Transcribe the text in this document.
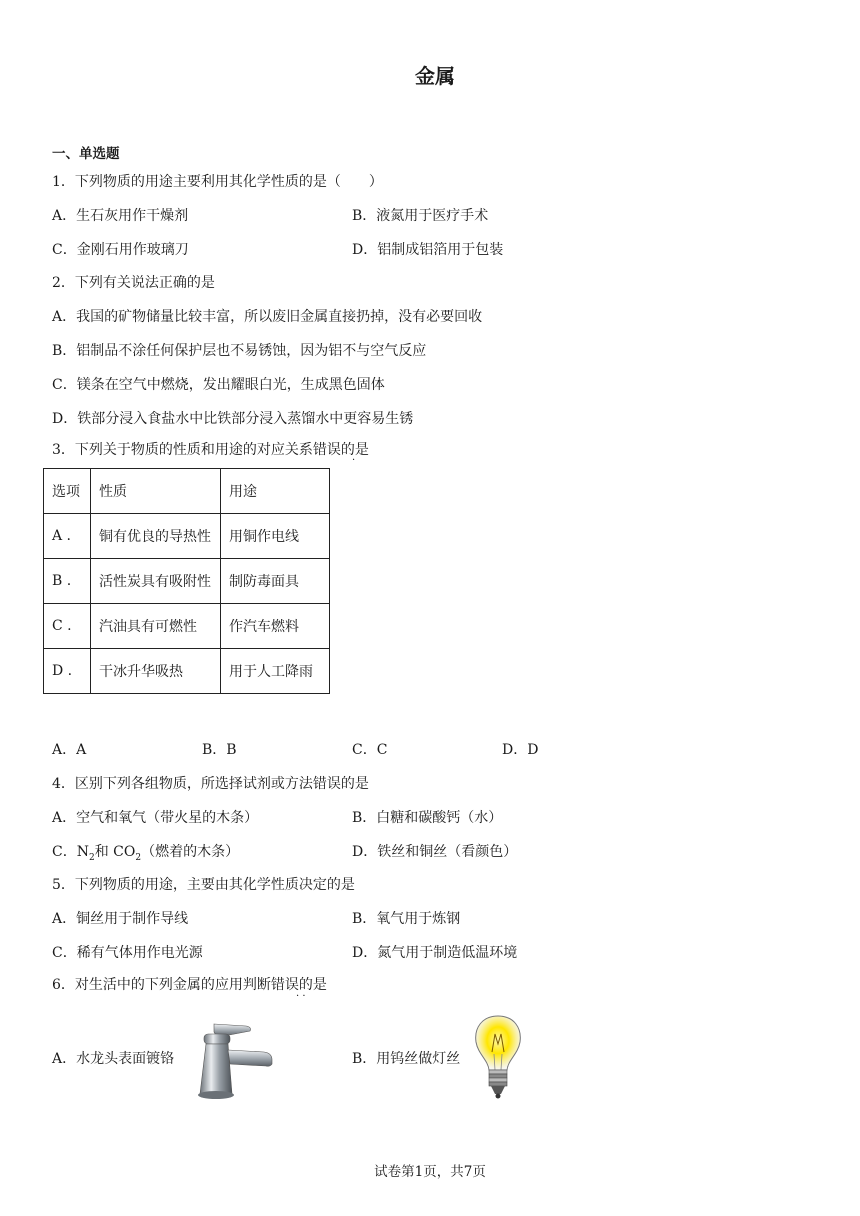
金属
一、单选题
1．下列物质的用途主要利用其化学性质的是（　　）
A．生石灰用作干燥剂	B．液氮用于医疗手术
C．金刚石用作玻璃刀	D．铝制成铝箔用于包装
2．下列有关说法正确的是
A．我国的矿物储量比较丰富，所以废旧金属直接扔掉，没有必要回收
B．铝制品不涂任何保护层也不易锈蚀，因为铝不与空气反应
C．镁条在空气中燃烧，发出耀眼白光，生成黑色固体
D．铁部分浸入食盐水中比铁部分浸入蒸馏水中更容易生锈
3．下列关于物质的性质和用途的对应关系错误的是
·
选项	性质	用途
A .	铜有优良的导热性	用铜作电线
B .	活性炭具有吸附性	制防毒面具
C .	汽油具有可燃性	作汽车燃料
D .	干冰升华吸热	用于人工降雨
A．A	B．B	C．C	D．D
4．区别下列各组物质，所选择试剂或方法错误的是
A．空气和氧气（带火星的木条）	B．白糖和碳酸钙（水）
C．$N_2$和 $CO_2$（燃着的木条）	D．铁丝和铜丝（看颜色）
5．下列物质的用途，主要由其化学性质决定的是
A．铜丝用于制作导线	B．氧气用于炼钢
C．稀有气体用作电光源	D．氮气用于制造低温环境
6．对生活中的下列金属的应用判断错误的是
· ·
A．水龙头表面镀铬	B．用钨丝做灯丝
试卷第1页，共7页
